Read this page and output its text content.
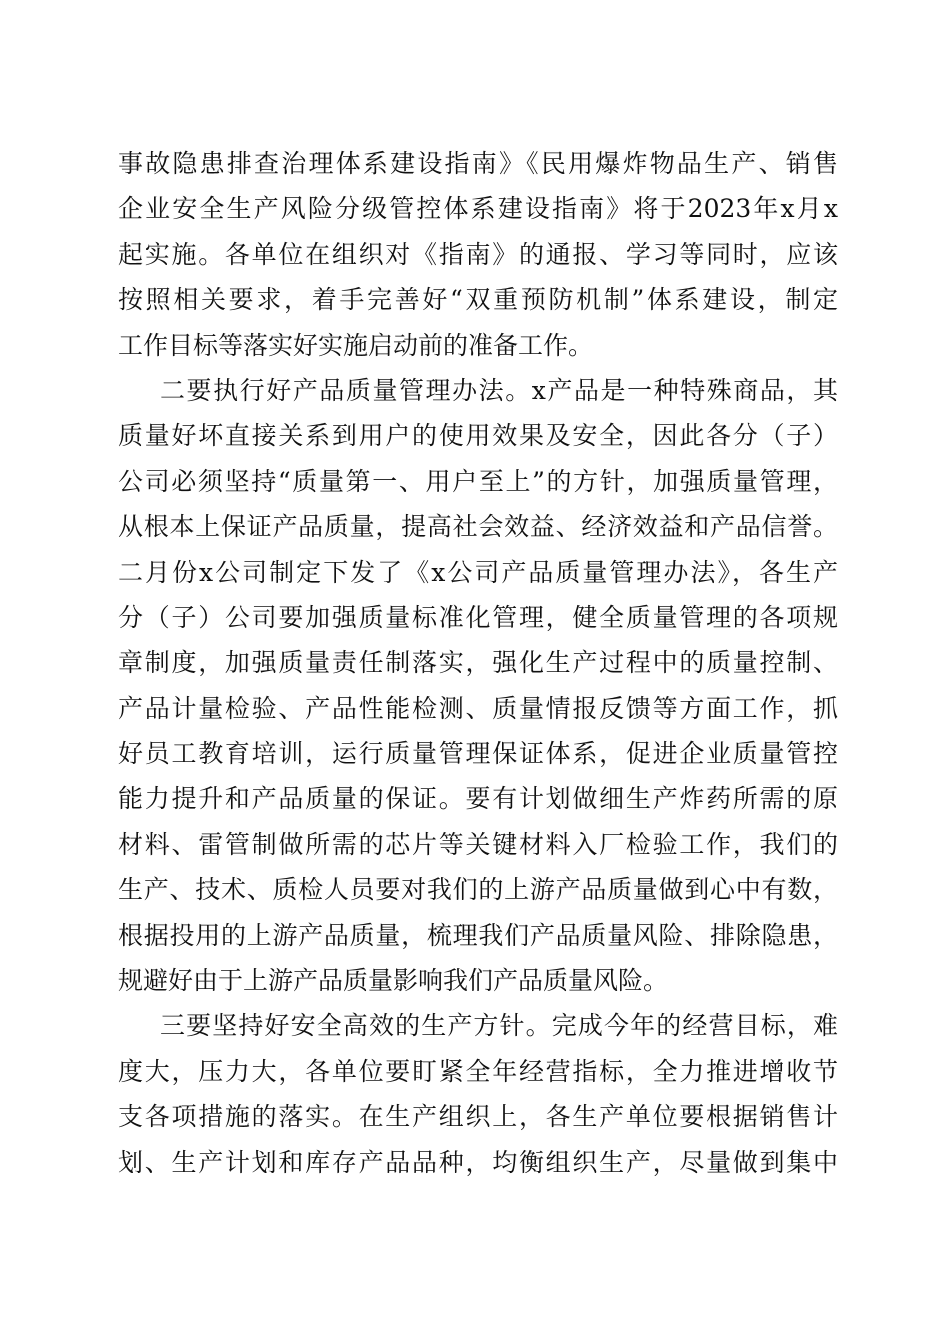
事故隐患排查治理体系建设指南》《民用爆炸物品生产、销售
企业安全生产风险分级管控体系建设指南》将于2023年x月x
起实施。各单位在组织对《指南》的通报、学习等同时，应该
按照相关要求，着手完善好“双重预防机制”体系建设，制定
工作目标等落实好实施启动前的准备工作。
二要执行好产品质量管理办法。x产品是一种特殊商品，其
质量好坏直接关系到用户的使用效果及安全，因此各分（子）
公司必须坚持“质量第一、用户至上”的方针，加强质量管理，
从根本上保证产品质量，提高社会效益、经济效益和产品信誉。
二月份x公司制定下发了《x公司产品质量管理办法》，各生产
分（子）公司要加强质量标准化管理，健全质量管理的各项规
章制度，加强质量责任制落实，强化生产过程中的质量控制、
产品计量检验、产品性能检测、质量情报反馈等方面工作，抓
好员工教育培训，运行质量管理保证体系，促进企业质量管控
能力提升和产品质量的保证。要有计划做细生产炸药所需的原
材料、雷管制做所需的芯片等关键材料入厂检验工作，我们的
生产、技术、质检人员要对我们的上游产品质量做到心中有数，
根据投用的上游产品质量，梳理我们产品质量风险、排除隐患，
规避好由于上游产品质量影响我们产品质量风险。
三要坚持好安全高效的生产方针。完成今年的经营目标，难
度大，压力大，各单位要盯紧全年经营指标，全力推进增收节
支各项措施的落实。在生产组织上，各生产单位要根据销售计
划、生产计划和库存产品品种，均衡组织生产，尽量做到集中
